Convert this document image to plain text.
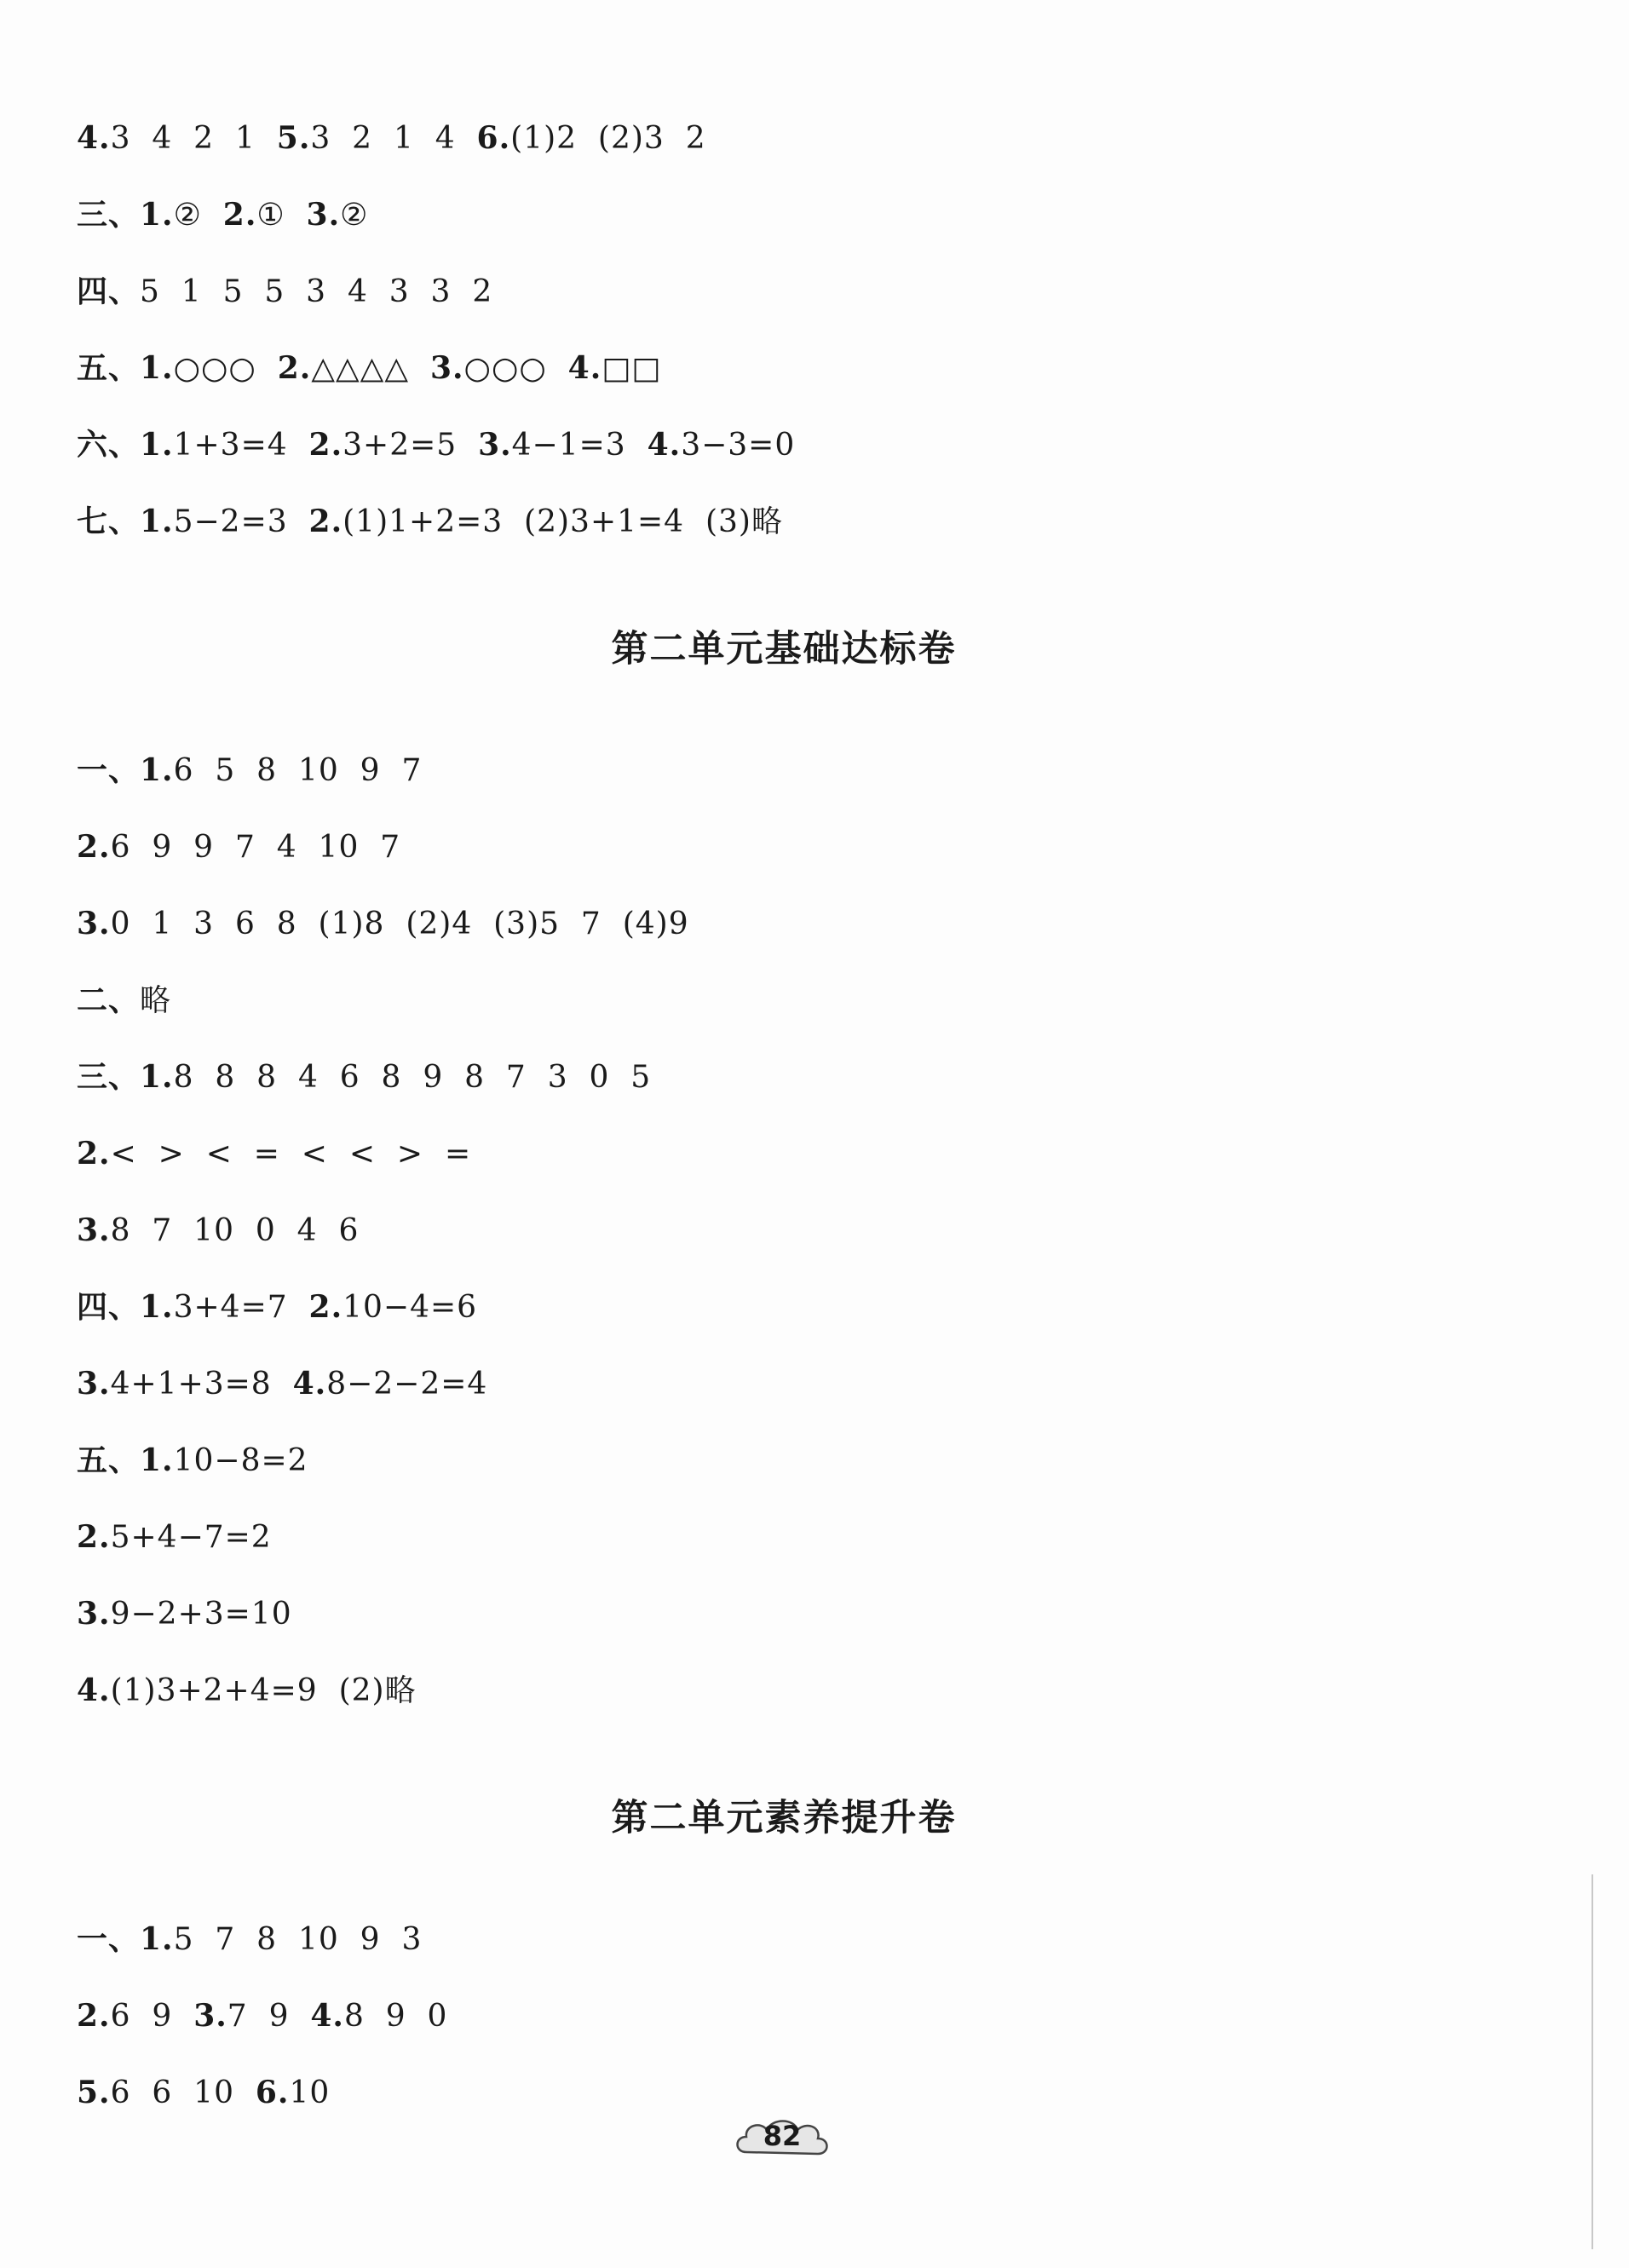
4.3  4  2  1  5.3  2  1  4  6.(1)2  (2)3  2
三、1.②  2.①  3.②
四、5  1  5  5  3  4  3  3  2
五、1.○○○  2.△△△△  3.○○○  4.□□
六、1.1+3=4  2.3+2=5  3.4−1=3  4.3−3=0
七、1.5−2=3  2.(1)1+2=3  (2)3+1=4  (3)略
第二单元基础达标卷
一、1.6  5  8  10  9  7
2.6  9  9  7  4  10  7
3.0  1  3  6  8  (1)8  (2)4  (3)5  7  (4)9
二、略
三、1.8  8  8  4  6  8  9  8  7  3  0  5
2.<  >  <  =  <  <  >  =
3.8  7  10  0  4  6
四、1.3+4=7  2.10−4=6
3.4+1+3=8  4.8−2−2=4
五、1.10−8=2
2.5+4−7=2
3.9−2+3=10
4.(1)3+2+4=9  (2)略
第二单元素养提升卷
一、1.5  7  8  10  9  3
2.6  9  3.7  9  4.8  9  0
5.6  6  10  6.10
82
